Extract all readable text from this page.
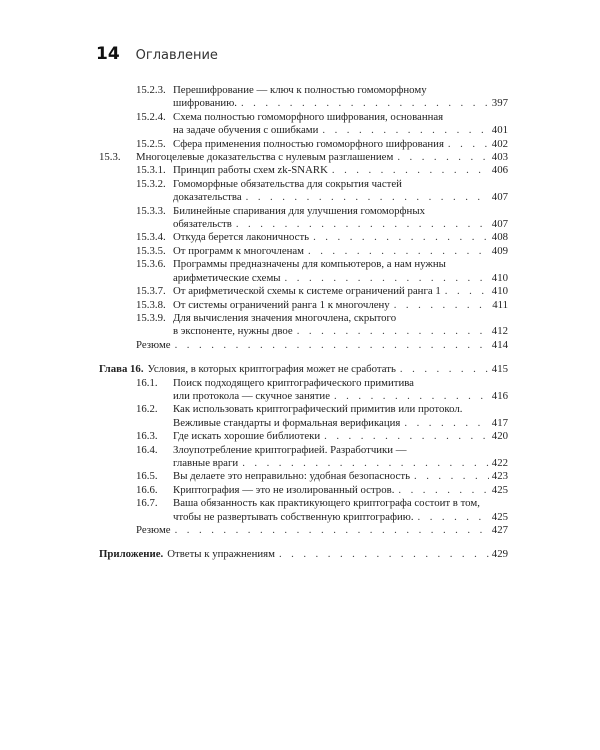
14 Оглавление
15.2.3. Перешифрование — ключ к полностью гомоморфному
шифрованию. . . .	397
15.2.4. Схема полностью гомоморфного шифрования, основанная
на задаче обучения с ошибками . . .	401
15.2.5. Сфера применения полностью гомоморфного шифрования . . .	402
15.3.	Многоцелевые доказательства с нулевым разглашением . . .	403
15.3.1. Принцип работы схем zk-SNARK . . .	406
15.3.2. Гомоморфные обязательства для сокрытия частей
доказательства . . .	407
15.3.3. Билинейные спаривания для улучшения гомоморфных
обязательств . . .	407
15.3.4. Откуда берется лаконичность . . .	408
15.3.5. От программ к многочленам . . .	409
15.3.6. Программы предназначены для компьютеров, а нам нужны
арифметические схемы . . .	410
15.3.7. От арифметической схемы к системе ограничений ранга 1 . . .	410
15.3.8. От системы ограничений ранга 1 к многочлену . . .	411
15.3.9. Для вычисления значения многочлена, скрытого
в экспоненте, нужны двое . . .	412
Резюме . . .	414
Глава 16. Условия, в которых криптография может не сработать . . .	415
16.1.	Поиск подходящего криптографического примитива
или протокола — скучное занятие . . .	416
16.2.	Как использовать криптографический примитив или протокол.
Вежливые стандарты и формальная верификация . . .	417
16.3.	Где искать хорошие библиотеки . . .	420
16.4.	Злоупотребление криптографией. Разработчики —
главные враги . . .	422
16.5.	Вы делаете это неправильно: удобная безопасность . . .	423
16.6.	Криптография — это не изолированный остров. . . .	425
16.7.	Ваша обязанность как практикующего криптографа состоит в том,
чтобы не развертывать собственную криптографию. . . .	425
Резюме . . .	427
Приложение. Ответы к упражнениям . . .	429
